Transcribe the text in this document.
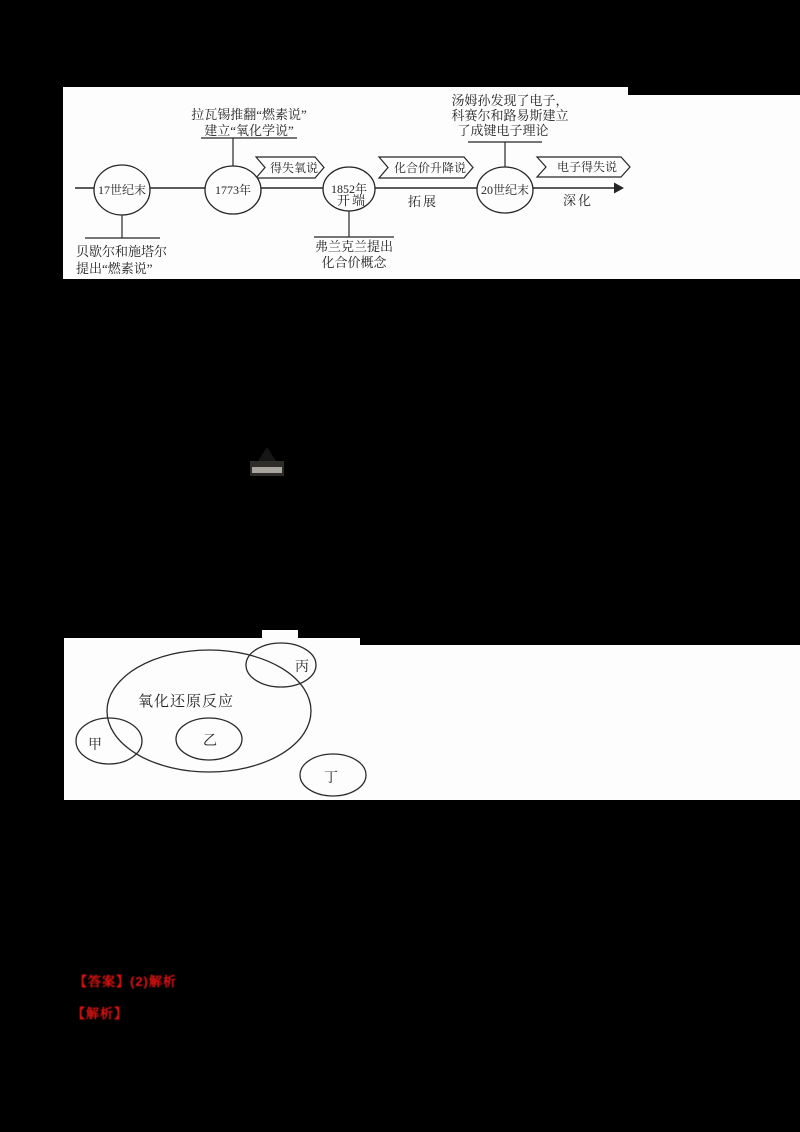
得失氧说	化合价升降说	电子得失说
17世纪末	1773年	1852年	20世纪末
开端	拓展	深化
拉瓦锡推翻“燃素说”
建立“氧化学说”
贝歇尔和施塔尔
提出“燃素说”
弗兰克兰提出
化合价概念
汤姆孙发现了电子，
科赛尔和路易斯建立
了成键电子理论
氧化还原反应
甲	乙
丙
丁
【答案】(2)解析
【解析】
